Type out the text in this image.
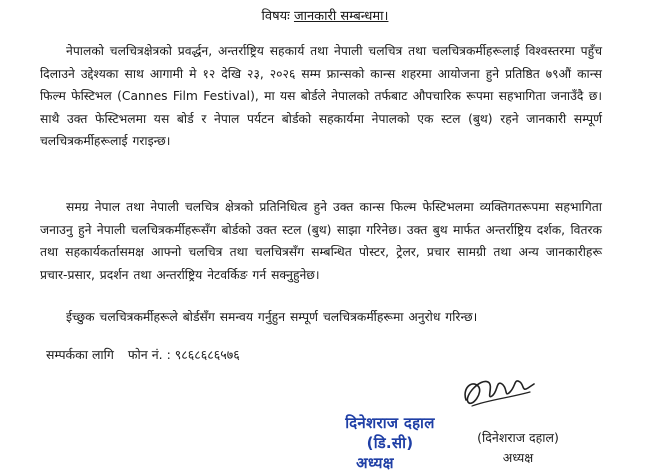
विषयः जानकारी सम्बन्धमा।
नेपालको चलचित्रक्षेत्रको प्रवर्द्धन, अन्तर्राष्ट्रिय सहकार्य तथा नेपाली चलचित्र तथा चलचित्रकर्मीहरूलाई विश्वस्तरमा पहुँच दिलाउने उद्देश्यका साथ आगामी मे १२ देखि २३, २०२६ सम्म फ्रान्सको कान्स शहरमा आयोजना हुने प्रतिष्ठित ७९औं कान्स फिल्म फेस्टिभल (Cannes Film Festival), मा यस बोर्डले नेपालको तर्फबाट औपचारिक रूपमा सहभागिता जनाउँदै छ। साथै उक्त फेस्टिभलमा यस बोर्ड र नेपाल पर्यटन बोर्डको सहकार्यमा नेपालको एक स्टल (बुथ) रहने जानकारी सम्पूर्ण चलचित्रकर्मीहरूलाई गराइन्छ।
समग्र नेपाल तथा नेपाली चलचित्र क्षेत्रको प्रतिनिधित्व हुने उक्त कान्स फिल्म फेस्टिभलमा व्यक्तिगतरूपमा सहभागिता जनाउनु हुने नेपाली चलचित्रकर्मीहरूसँग बोर्डको उक्त स्टल (बुथ) साझा गरिनेछ। उक्त बुथ मार्फत अन्तर्राष्ट्रिय दर्शक, वितरक तथा सहकार्यकर्तासमक्ष आफ्नो चलचित्र तथा चलचित्रसँग सम्बन्धित पोस्टर, ट्रेलर, प्रचार सामग्री तथा अन्य जानकारीहरू प्रचार-प्रसार, प्रदर्शन तथा अन्तर्राष्ट्रिय नेटवर्किङ गर्न सक्नुहुनेछ।
ईच्छुक चलचित्रकर्मीहरूले बोर्डसँग समन्वय गर्नुहुन सम्पूर्ण चलचित्रकर्मीहरूमा अनुरोध गरिन्छ।
सम्पर्कका लागि फोन नं. : ९८६८६८६५७६
दिनेशराज दहाल (डि.सी)
अध्यक्ष
(दिनेशराज दहाल)
अध्यक्ष
